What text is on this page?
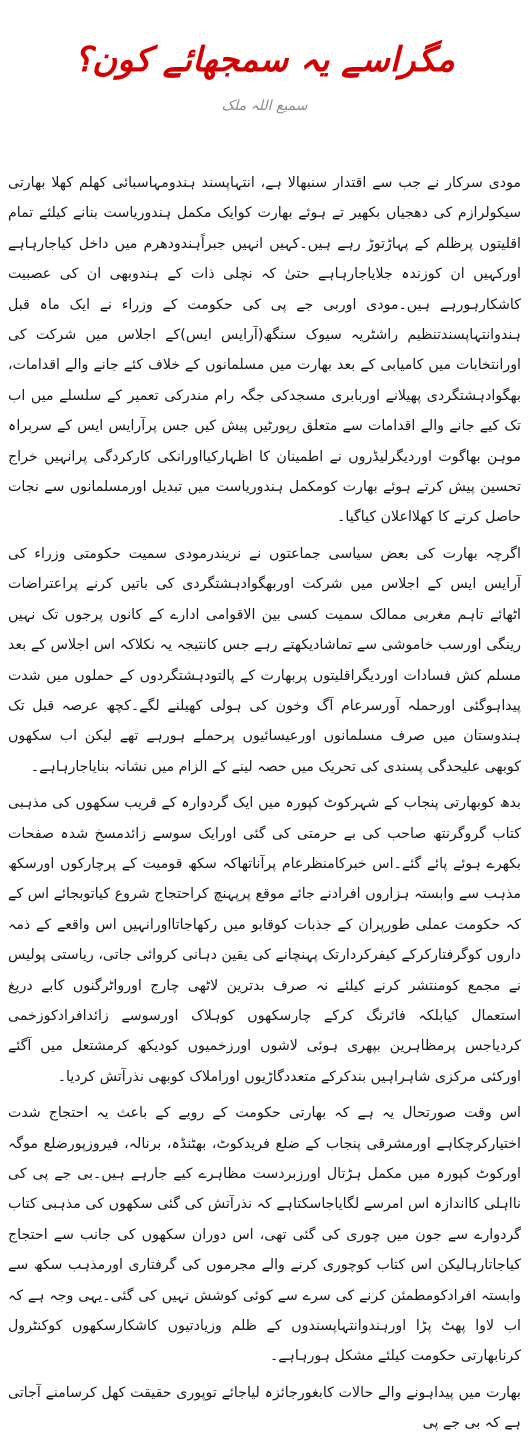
مگراسے یہ سمجھائے کون؟
سمیع اللہ ملک

مودی سرکار نے جب سے اقتدار سنبھالا ہے، انتہاپسند ہندومہاسبائی کھلم کھلا بھارتی سیکولرازم کی دھجیاں بکھیر تے ہوئے بھارت کوایک مکمل ہندوریاست بنانے کیلئے تمام اقلیتوں پرظلم کے پہاڑتوڑ رہے ہیں۔کہیں انہیں جبراًہندودھرم میں داخل کیاجارہاہے اورکہیں ان کوزندہ جلایاجارہاہے حتیٰ کہ نچلی ذات کے ہندوبھی ان کی عصبیت کاشکارہورہے ہیں۔مودی اوربی جے پی کی حکومت کے وزراء نے ایک ماہ قبل ہندوانتہاپسندتنظیم راشٹریہ سیوک سنگھ(آرایس ایس)کے اجلاس میں شرکت کی اورانتخابات میں کامیابی کے بعد بھارت میں مسلمانوں کے خلاف کئے جانے والے اقدامات، بھگوادہشتگردی پھیلانے اوربابری مسجدکی جگہ رام مندرکی تعمیر کے سلسلے میں اب تک کیے جانے والے اقدامات سے متعلق رپورٹیں پیش کیں جس پرآرایس ایس کے سربراہ موہن بھاگوت اوردیگرلیڈروں نے اطمینان کا اظہارکیااورانکی کارکردگی پرانہیں خراج تحسین پیش کرتے ہوئے بھارت کومکمل ہندوریاست میں تبدیل اورمسلمانوں سے نجات حاصل کرنے کا کھلااعلان کیاگیا۔

اگرچہ بھارت کی بعض سیاسی جماعتوں نے نریندرمودی سمیت حکومتی وزراء کی آرایس ایس کے اجلاس میں شرکت اوربھگوادہشتگردی کی باتیں کرنے پراعتراضات اٹھائے تاہم مغربی ممالک سمیت کسی بین الاقوامی ادارے کے کانوں پرجوں تک نہیں رینگی اورسب خاموشی سے تماشادیکھتے رہے جس کانتیجہ یہ نکلاکہ اس اجلاس کے بعد مسلم کش فسادات اوردیگراقلیتوں پربھارت کے پالتودہشتگردوں کے حملوں میں شدت پیداہوگئی اورحملہ آورسرعام آگ وخون کی ہولی کھیلنے لگے۔کچھ عرصہ قبل تک ہندوستان میں صرف مسلمانوں اورعیسائیوں پرحملے ہورہے تھے لیکن اب سکھوں کوبھی علیحدگی پسندی کی تحریک میں حصہ لینے کے الزام میں نشانہ بنایاجارہاہے۔

بدھ کوبھارتی پنجاب کے شہرکوٹ کپورہ میں ایک گردوارہ کے قریب سکھوں کی مذہبی کتاب گروگرنتھ صاحب کی بے حرمتی کی گئی اورایک سوسے زائدمسخ شدہ صفحات بکھرے ہوئے پائے گئے۔اس خبرکامنظرعام پرآناتھاکہ سکھ قومیت کے پرچارکوں اورسکھ مذہب سے وابستہ ہزاروں افرادنے جائے موقع پرپہنچ کراحتجاج شروع کیاتوبجائے اس کے کہ حکومت عملی طورپران کے جذبات کوقابو میں رکھاجاتااورانہیں اس واقعے کے ذمہ داروں کوگرفتارکرکے کیفرکردارتک پہنچانے کی یقین دہانی کروائی جاتی، ریاستی پولیس نے مجمع کومنتشر کرنے کیلئے نہ صرف بدترین لاٹھی چارج اورواٹرگنوں کابے دریغ استعمال کیابلکہ فائرنگ کرکے چارسکھوں کوہلاک اورسوسے زائدافرادکوزخمی کردیاجس پرمظاہرین بپھری ہوئی لاشوں اورزخمیوں کودیکھ کرمشتعل میں آگئے اورکئی مرکزی شاہراہیں بندکرکے متعددگاڑیوں اوراملاک کوبھی نذرآتش کردیا۔

اس وقت صورتحال یہ ہے کہ بھارتی حکومت کے رویے کے باعث یہ احتجاج شدت اختیارکرچکاہے اورمشرقی پنجاب کے ضلع فریدکوٹ، بھٹنڈہ، برنالہ، فیروزپورضلع موگہ اورکوٹ کپورہ میں مکمل ہڑتال اورزبردست مظاہرے کیے جارہے ہیں۔بی جے پی کی نااہلی کااندازہ اس امرسے لگایاجاسکتاہے کہ نذرآتش کی گئی سکھوں کی مذہبی کتاب گردوارے سے جون میں چوری کی گئی تھی، اس دوران سکھوں کی جانب سے احتجاج کیاجاتارہالیکن اس کتاب کوچوری کرنے والے مجرموں کی گرفتاری اورمذہب سکھ سے وابستہ افرادکومطمئن کرنے کی سرے سے کوئی کوشش نہیں کی گئی۔یہی وجہ ہے کہ اب لاوا پھٹ پڑا اورہندوانتہاپسندوں کے ظلم وزیادتیوں کاشکارسکھوں کوکنٹرول کرنابھارتی حکومت کیلئے مشکل ہورہاہے۔

بھارت میں پیداہونے والے حالات کابغورجائزہ لیاجائے توپوری حقیقت کھل کرسامنے آجاتی ہے کہ بی جے پی
